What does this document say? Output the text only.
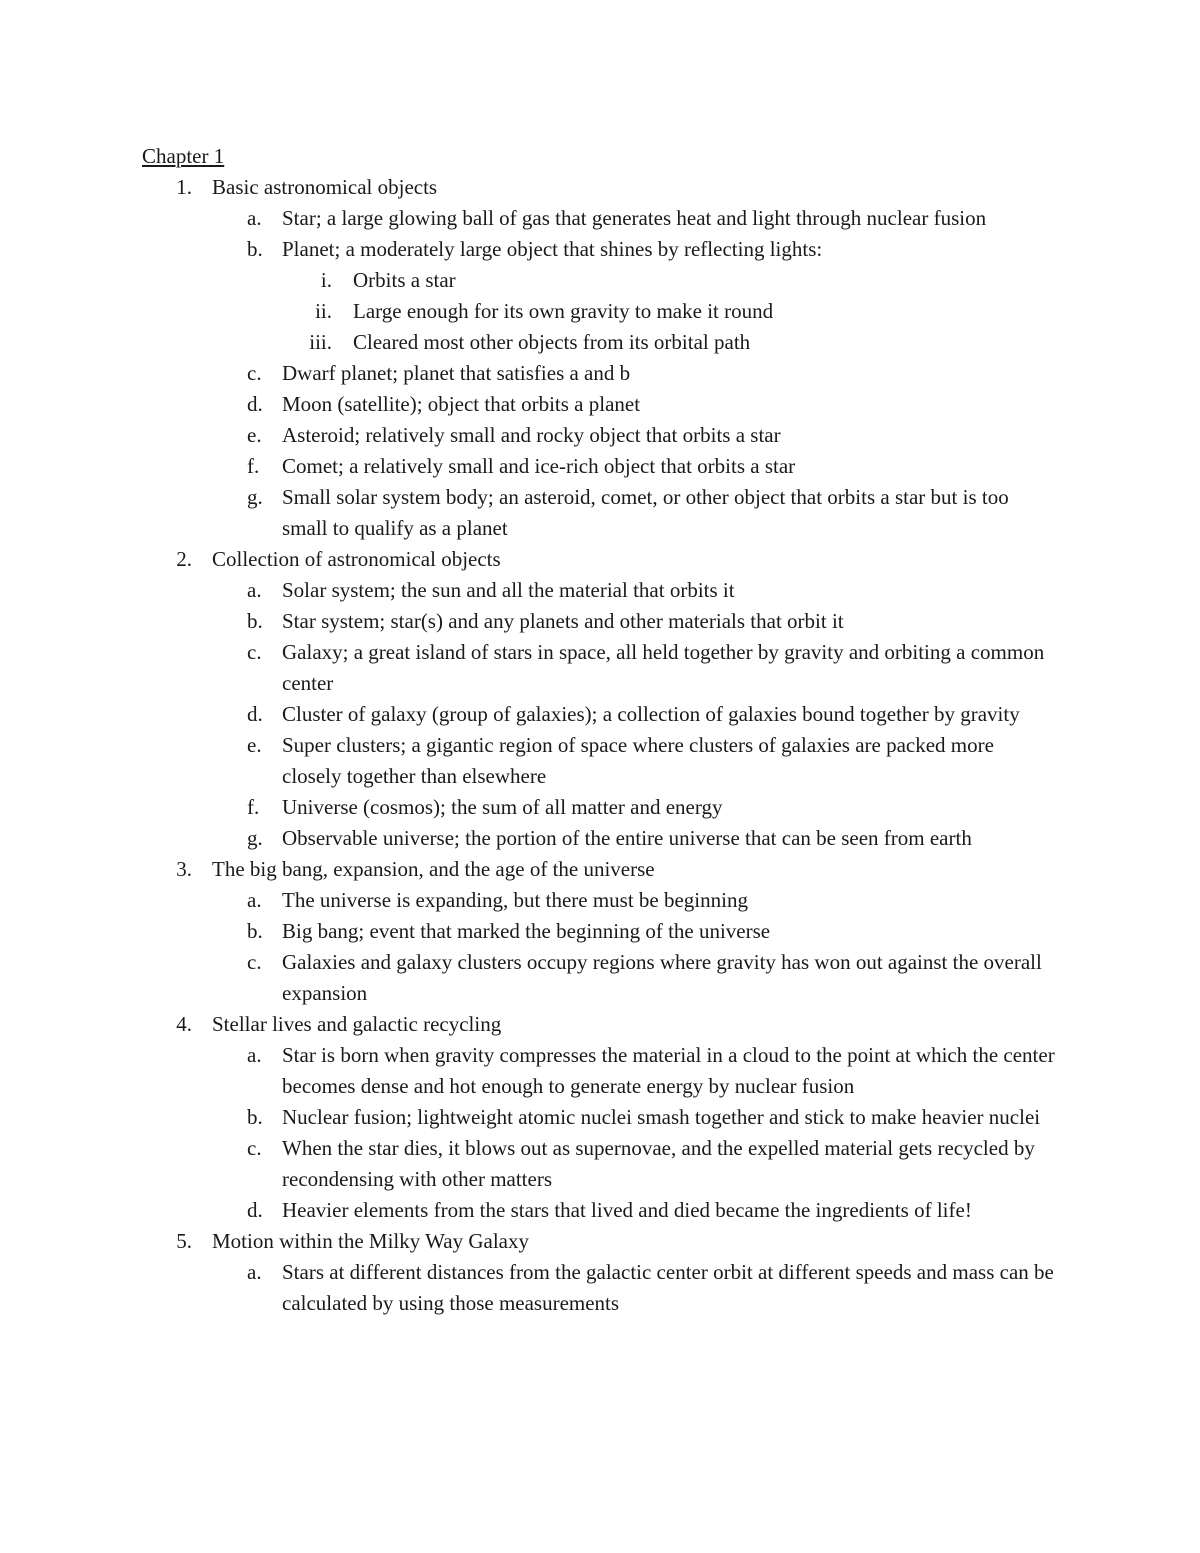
Chapter 1
1. Basic astronomical objects
a. Star; a large glowing ball of gas that generates heat and light through nuclear fusion
b. Planet; a moderately large object that shines by reflecting lights:
i. Orbits a star
ii. Large enough for its own gravity to make it round
iii. Cleared most other objects from its orbital path
c. Dwarf planet; planet that satisfies a and b
d. Moon (satellite); object that orbits a planet
e. Asteroid; relatively small and rocky object that orbits a star
f.	Comet; a relatively small and ice-rich object that orbits a star
g. Small solar system body; an asteroid, comet, or other object that orbits a star but is too small to qualify as a planet
2. Collection of astronomical objects
a. Solar system; the sun and all the material that orbits it
b. Star system; star(s) and any planets and other materials that orbit it
c. Galaxy; a great island of stars in space, all held together by gravity and orbiting a common center
d. Cluster of galaxy (group of galaxies); a collection of galaxies bound together by gravity
e. Super clusters; a gigantic region of space where clusters of galaxies are packed more closely together than elsewhere
f.	Universe (cosmos); the sum of all matter and energy
g. Observable universe; the portion of the entire universe that can be seen from earth
3. The big bang, expansion, and the age of the universe
a. The universe is expanding, but there must be beginning
b. Big bang; event that marked the beginning of the universe
c. Galaxies and galaxy clusters occupy regions where gravity has won out against the overall expansion
4. Stellar lives and galactic recycling
a. Star is born when gravity compresses the material in a cloud to the point at which the center becomes dense and hot enough to generate energy by nuclear fusion
b. Nuclear fusion; lightweight atomic nuclei smash together and stick to make heavier nuclei
c. When the star dies, it blows out as supernovae, and the expelled material gets recycled by recondensing with other matters
d. Heavier elements from the stars that lived and died became the ingredients of life!
5. Motion within the Milky Way Galaxy
a. Stars at different distances from the galactic center orbit at different speeds and mass can be calculated by using those measurements
